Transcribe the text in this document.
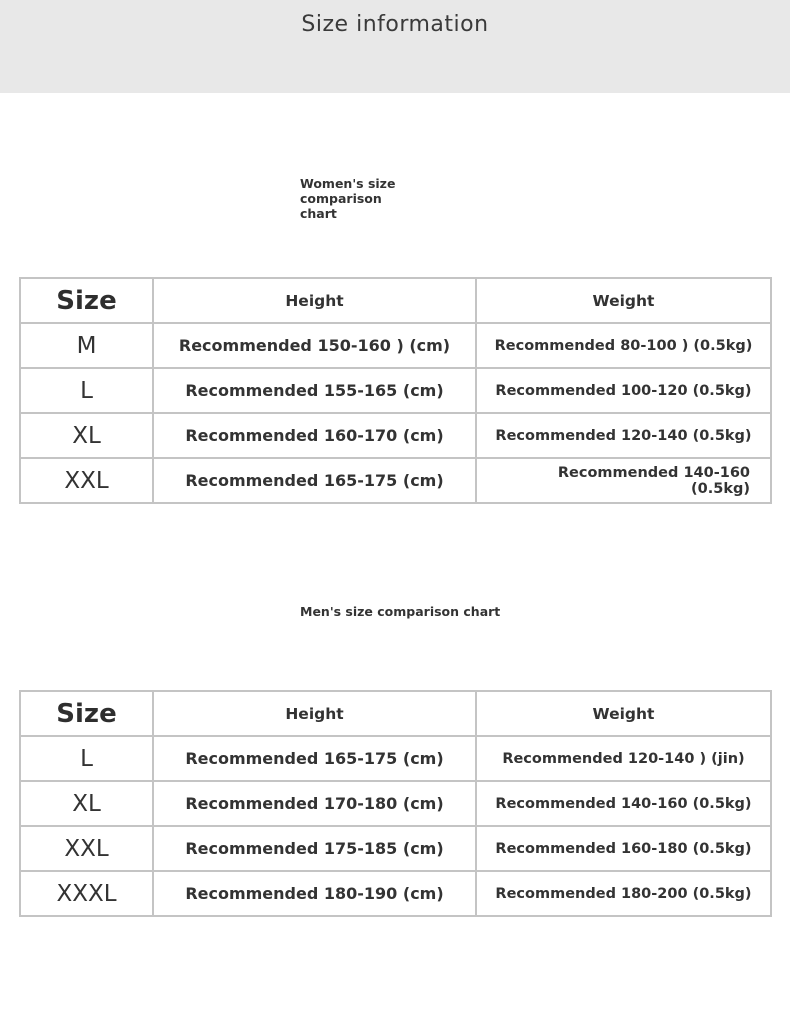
Size information
Women's size comparison
chart
Size	Height	Weight
M	Recommended 150-160 ) (cm)	Recommended 80-100 ) (0.5kg)
L	Recommended 155-165 (cm)	Recommended 100-120 (0.5kg)
XL	Recommended 160-170 (cm)	Recommended 120-140 (0.5kg)
XXL	Recommended 165-175 (cm)	Recommended 140-160
(0.5kg)
Men's size comparison chart
Size	Height	Weight
L	Recommended 165-175 (cm)	Recommended 120-140 ) (jin)
XL	Recommended 170-180 (cm)	Recommended 140-160 (0.5kg)
XXL	Recommended 175-185 (cm)	Recommended 160-180 (0.5kg)
XXXL	Recommended 180-190 (cm)	Recommended 180-200 (0.5kg)
